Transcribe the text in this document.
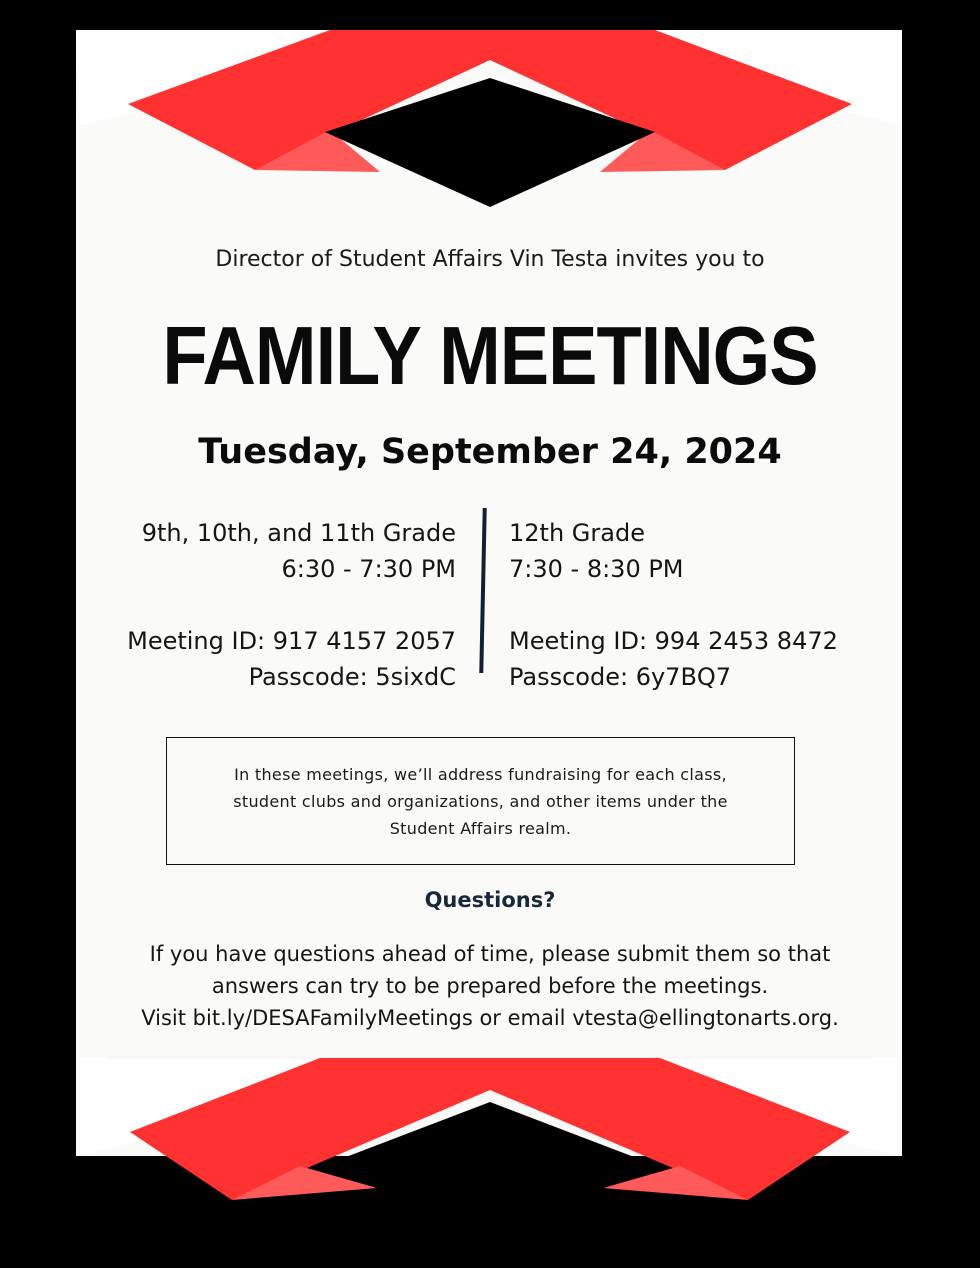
Director of Student Affairs Vin Testa invites you to
FAMILY MEETINGS
Tuesday, September 24, 2024

9th, 10th, and 11th Grade

6:30 - 7:30 PM

Meeting ID: 917 4157 2057

Passcode: 5sixdC

12th Grade

7:30 - 8:30 PM

Meeting ID: 994 2453 8472

Passcode: 6y7BQ7

In these meetings, we’ll address fundraising for each class, student clubs and organizations, and other items under the Student Affairs realm.
Questions?

If you have questions ahead of time, please submit them so that

answers can try to be prepared before the meetings.

Visit bit.ly/DESAFamilyMeetings or email vtesta@ellingtonarts.org.
